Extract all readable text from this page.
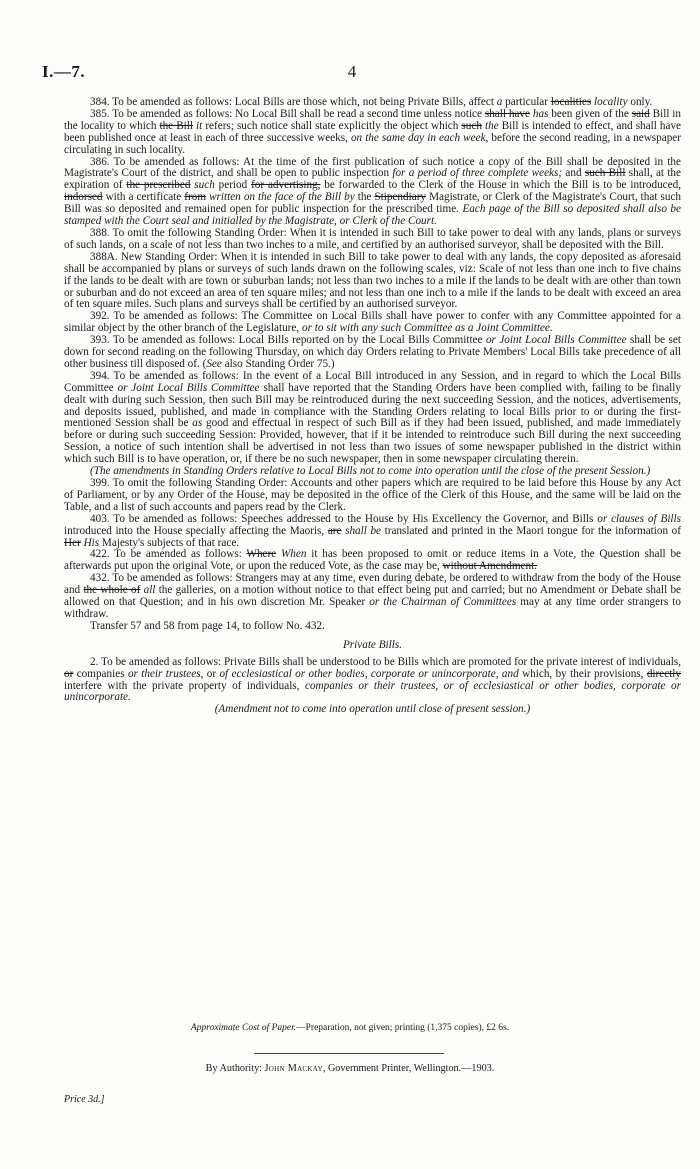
I.—7.	4

384. To be amended as follows: Local Bills are those which, not being Private Bills, affect a particular localities locality only.

385. To be amended as follows: No Local Bill shall be read a second time unless notice shall have has been given of the said Bill in the locality to which the Bill it refers; such notice shall state explicitly the object which such the Bill is intended to effect, and shall have been published once at least in each of three successive weeks, on the same day in each week, before the second reading, in a newspaper circulating in such locality.

386. To be amended as follows: At the time of the first publication of such notice a copy of the Bill shall be deposited in the Magistrate's Court of the district, and shall be open to public inspection for a period of three complete weeks; and such Bill shall, at the expiration of the prescribed such period for advertising, be forwarded to the Clerk of the House in which the Bill is to be introduced, indorsed with a certificate from written on the face of the Bill by the Stipendiary Magistrate, or Clerk of the Magistrate's Court, that such Bill was so deposited and remained open for public inspection for the prescribed time. Each page of the Bill so deposited shall also be stamped with the Court seal and initialled by the Magistrate, or Clerk of the Court.

388. To omit the following Standing Order: When it is intended in such Bill to take power to deal with any lands, plans or surveys of such lands, on a scale of not less than two inches to a mile, and certified by an authorised surveyor, shall be deposited with the Bill.

388A. New Standing Order: When it is intended in such Bill to take power to deal with any lands, the copy deposited as aforesaid shall be accompanied by plans or surveys of such lands drawn on the following scales, viz: Scale of not less than one inch to five chains if the lands to be dealt with are town or suburban lands; not less than two inches to a mile if the lands to be dealt with are other than town or suburban and do not exceed an area of ten square miles; and not less than one inch to a mile if the lands to be dealt with exceed an area of ten square miles. Such plans and surveys shall be certified by an authorised surveyor.

392. To be amended as follows: The Committee on Local Bills shall have power to confer with any Committee appointed for a similar object by the other branch of the Legislature, or to sit with any such Committee as a Joint Committee.

393. To be amended as follows: Local Bills reported on by the Local Bills Committee or Joint Local Bills Committee shall be set down for second reading on the following Thursday, on which day Orders relating to Private Members' Local Bills take precedence of all other business till disposed of. (See also Standing Order 75.)

394. To be amended as follows: In the event of a Local Bill introduced in any Session, and in regard to which the Local Bills Committee or Joint Local Bills Committee shall have reported that the Standing Orders have been complied with, failing to be finally dealt with during such Session, then such Bill may be reintroduced during the next succeeding Session, and the notices, advertisements, and deposits issued, published, and made in compliance with the Standing Orders relating to local Bills prior to or during the first-mentioned Session shall be as good and effectual in respect of such Bill as if they had been issued, published, and made immediately before or during such succeeding Session: Provided, however, that if it be intended to reintroduce such Bill during the next succeeding Session, a notice of such intention shall be advertised in not less than two issues of some newspaper published in the district within which such Bill is to have operation, or, if there be no such newspaper, then in some newspaper circulating therein.

(The amendments in Standing Orders relative to Local Bills not to come into operation until the close of the present Session.)

399. To omit the following Standing Order: Accounts and other papers which are required to be laid before this House by any Act of Parliament, or by any Order of the House, may be deposited in the office of the Clerk of this House, and the same will be laid on the Table, and a list of such accounts and papers read by the Clerk.

403. To be amended as follows: Speeches addressed to the House by His Excellency the Governor, and Bills or clauses of Bills introduced into the House specially affecting the Maoris, are shall be translated and printed in the Maori tongue for the information of Her His Majesty's subjects of that race.

422. To be amended as follows: Where When it has been proposed to omit or reduce items in a Vote, the Question shall be afterwards put upon the original Vote, or upon the reduced Vote, as the case may be, without Amendment.

432. To be amended as follows: Strangers may at any time, even during debate, be ordered to withdraw from the body of the House and the whole of all the galleries, on a motion without notice to that effect being put and carried; but no Amendment or Debate shall be allowed on that Question; and in his own discretion Mr. Speaker or the Chairman of Committees may at any time order strangers to withdraw.

Transfer 57 and 58 from page 14, to follow No. 432.

Private Bills.

2. To be amended as follows: Private Bills shall be understood to be Bills which are promoted for the private interest of individuals, or companies or their trustees, or of ecclesiastical or other bodies, corporate or unincorporate, and which, by their provisions, directly interfere with the private property of individuals, companies or their trustees, or of ecclesiastical or other bodies, corporate or unincorporate.

(Amendment not to come into operation until close of present session.)

Approximate Cost of Paper.—Preparation, not given; printing (1,375 copies), £2 6s.
By Authority: John Mackay, Government Printer, Wellington.—1903.
Price 3d.]
